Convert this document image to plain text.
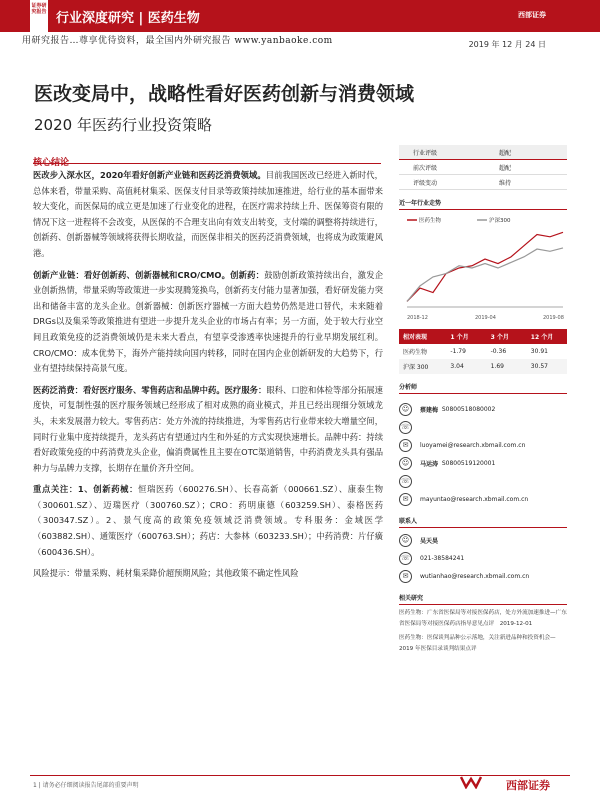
证券研究报告 行业深度研究 | 医药生物	西部证券
用研究报告…尊享优待资料，最全国内外研究报告 www.yanbaoke.com	2019 年 12 月 24 日
医改变局中，战略性看好医药创新与消费领域
2020 年医药行业投资策略
核心结论

医改步入深水区，2020年看好创新产业链和医药泛消费领域。目前我国医改已经进入新时代，总体来看，带量采购、高值耗材集采、医保支付目录等政策持续加速推进，给行业的基本面带来较大变化，而医保局的成立更是加速了行业变化的进程，在医疗需求持续上升、医保筹资有限的情况下这一进程将不会改变，从医保的不合理支出向有效支出转变，支付端的调整将持续进行，创新药、创新器械等领域将获得长期收益，而医保非相关的医药泛消费领域，也将成为政策避风港。

创新产业链：看好创新药、创新器械和CRO/CMO。创新药：鼓励创新政策持续出台，激发企业创新热情，带量采购等政策进一步实现腾笼换鸟，创新药支付能力显著加强，看好研发能力突出和储备丰富的龙头企业。创新器械：创新医疗器械一方面大趋势仍然是进口替代，未来随着DRGs以及集采等政策推进有望进一步提升龙头企业的市场占有率；另一方面，处于较大行业空间且政策免疫的泛消费领域仍是未来大看点，有望享受渗透率快速提升的行业早期发展红利。CRO/CMO：成本优势下，海外产能持续向国内转移，同时在国内企业创新研发的大趋势下，行业有望持续保持高景气度。

医药泛消费：看好医疗服务、零售药店和品牌中药。医疗服务：眼科、口腔和体检等部分拓展速度快，可复制性强的医疗服务领域已经形成了相对成熟的商业模式，并且已经出现细分领域龙头，未来发展潜力较大。零售药店：处方外流的持续推进，为零售药店行业带来较大增量空间，同时行业集中度持续提升，龙头药店有望通过内生和外延的方式实现快速增长。品牌中药：持续看好政策免疫的中药消费龙头企业，偏消费属性且主要在OTC渠道销售，中药消费龙头具有强品种力与品牌力支撑，长期存在量价齐升空间。

重点关注：1、创新药械：恒瑞医药（600276.SH）、长春高新（000661.SZ）、康泰生物（300601.SZ）、迈瑞医疗（300760.SZ）；CRO：药明康德（603259.SH）、泰格医药（300347.SZ）。2、景气度高的政策免疫领域泛消费领域。专科服务：金域医学（603882.SH）、通策医疗（600763.SH）；药店：大参林（603233.SH）；中药消费：片仔癀（600436.SH）。

风险提示：带量采购、耗材集采降价超预期风险；其他政策不确定性风险

行业评级	超配
前次评级	超配
评级变动	维持
近一年行业走势
医药生物	沪深300
2018-12	2019-04	2019-08
相对表现	1 个月	3 个月	12 个月
医药生物	-1.79	-0.36	30.91
沪深 300	3.04	1.69	30.57
分析师
☺	蔡建梅
S0800518080002
☏
✉	luoyamei@research.xbmail.com.cn
☺	马运涛
S0800519120001
☏
✉	mayuntao@research.xbmail.com.cn
联系人
☺	吴天昊
☏	021-38584241
✉	wutianhao@research.xbmail.com.cn
相关研究
医药生物：广东省医保局等对接医保药店，处方外流加速推进—广东省医保局等对接医保药店指导意见点评　2019-12-01
医药生物：医保谈判品种公示落地，关注新进品种和投资机会—2019 年医保目录谈判结果点评
1 | 请务必仔细阅读报告尾部的重要声明	西部证券
